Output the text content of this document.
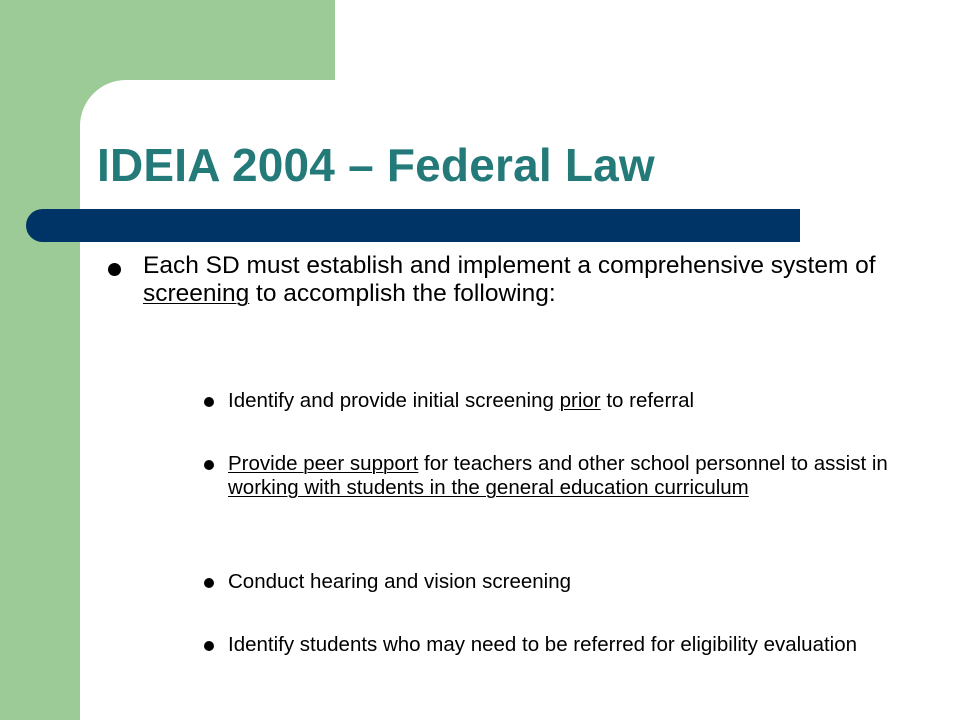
IDEIA 2004 – Federal Law

Each SD must establish and implement a comprehensive system of screening to accomplish the following:

Identify and provide initial screening prior to referral

Provide peer support for teachers and other school personnel to assist in working with students in the general education curriculum

Conduct hearing and vision screening

Identify students who may need to be referred for eligibility evaluation
